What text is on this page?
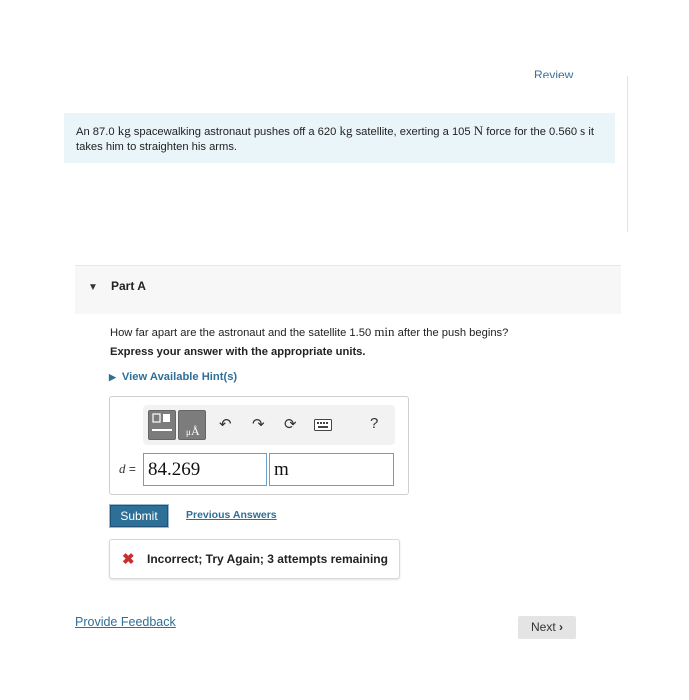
Review
An 87.0 kg spacewalking astronaut pushes off a 620 kg satellite, exerting a 105 N force for the 0.560 s it takes him to straighten his arms.
▼ Part A
How far apart are the astronaut and the satellite 1.50 min after the push begins?
Express your answer with the appropriate units.
▶ View Available Hint(s)
μ Å ↶ ↷ ⟳	?
d =
84.269
m
Submit	Previous Answers
✖ Incorrect; Try Again; 3 attempts remaining
Provide Feedback	Next ›
